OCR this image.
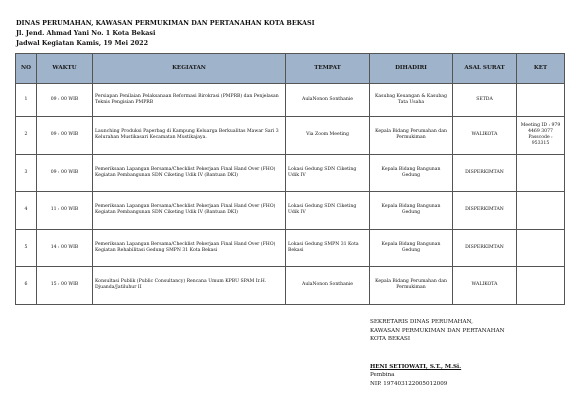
DINAS PERUMAHAN, KAWASAN PERMUKIMAN DAN PERTANAHAN KOTA BEKASI
Jl. Jend. Ahmad Yani No. 1 Kota Bekasi
Jadwal Kegiatan Kamis, 19 Mei 2022
NO	WAKTU	KEGIATAN	TEMPAT	DIHADIRI	ASAL SURAT	KET
1	09 : 00 WIB	Persiapan Penilaian Pelaksanaan Reformasi Birokrasi (PMPRB) dan Penjelasan Teknis Pengisian PMPRB	AulaNonon Sonthanie	Kasubag Keuangan & Kasubag Tata Usaha	SETDA	
2	09 : 00 WIB	Launching Produksi Paperbag di Kampung Keluarga Berkualitas Mawar Sari 3 Kelurahan Mustikasari Kecamatan Mustikajaya.	Via Zoom Meeting	Kepala Bidang Perumahan dan Permukiman	WALIKOTA	Meeting ID : 979 4469 3077 Passcode : 953315
3	09 : 00 WIB	Pemeriksaan Lapangan Bersama/Checklist Pekerjaan Final Hand Over (FHO) Kegiatan Pembangunan SDN Ciketing Udik IV (Bantuan DKI)	Lokasi Gedung SDN Ciketing Udik IV	Kepala Bidang Bangunan Gedung	DISPERKIMTAN	
4	11 : 00 WIB	Pemeriksaan Lapangan Bersama/Checklist Pekerjaan Final Hand Over (FHO) Kegiatan Pembangunan SDN Ciketing Udik IV (Bantuan DKI)	Lokasi Gedung SDN Ciketing Udik IV	Kepala Bidang Bangunan Gedung	DISPERKIMTAN	
5	14 : 00 WIB	Pemeriksaan Lapangan Bersama/Checklist Pekerjaan Final Hand Over (FHO) Kegiatan Rehabilitasi Gedung SMPN 31 Kota Bekasi	Lokasi Gedung SMPN 31 Kota Bekasi	Kepala Bidang Bangunan Gedung	DISPERKIMTAN	
6	15 : 00 WIB	Konsultasi Publik (Public Consultancy) Rencana Umum KPBU SPAM Ir.H. Djuanda/Jatiluhur II	AulaNonon Sonthanie	Kepala Bidang Perumahan dan Permukiman	WALIKOTA	
SEKRETARIS DINAS PERUMAHAN,
KAWASAN PERMUKIMAN DAN PERTANAHAN
KOTA BEKASI
HENI SETIOWATI, S.T., M.Si.
Pembina
NIP. 197403122005012009
